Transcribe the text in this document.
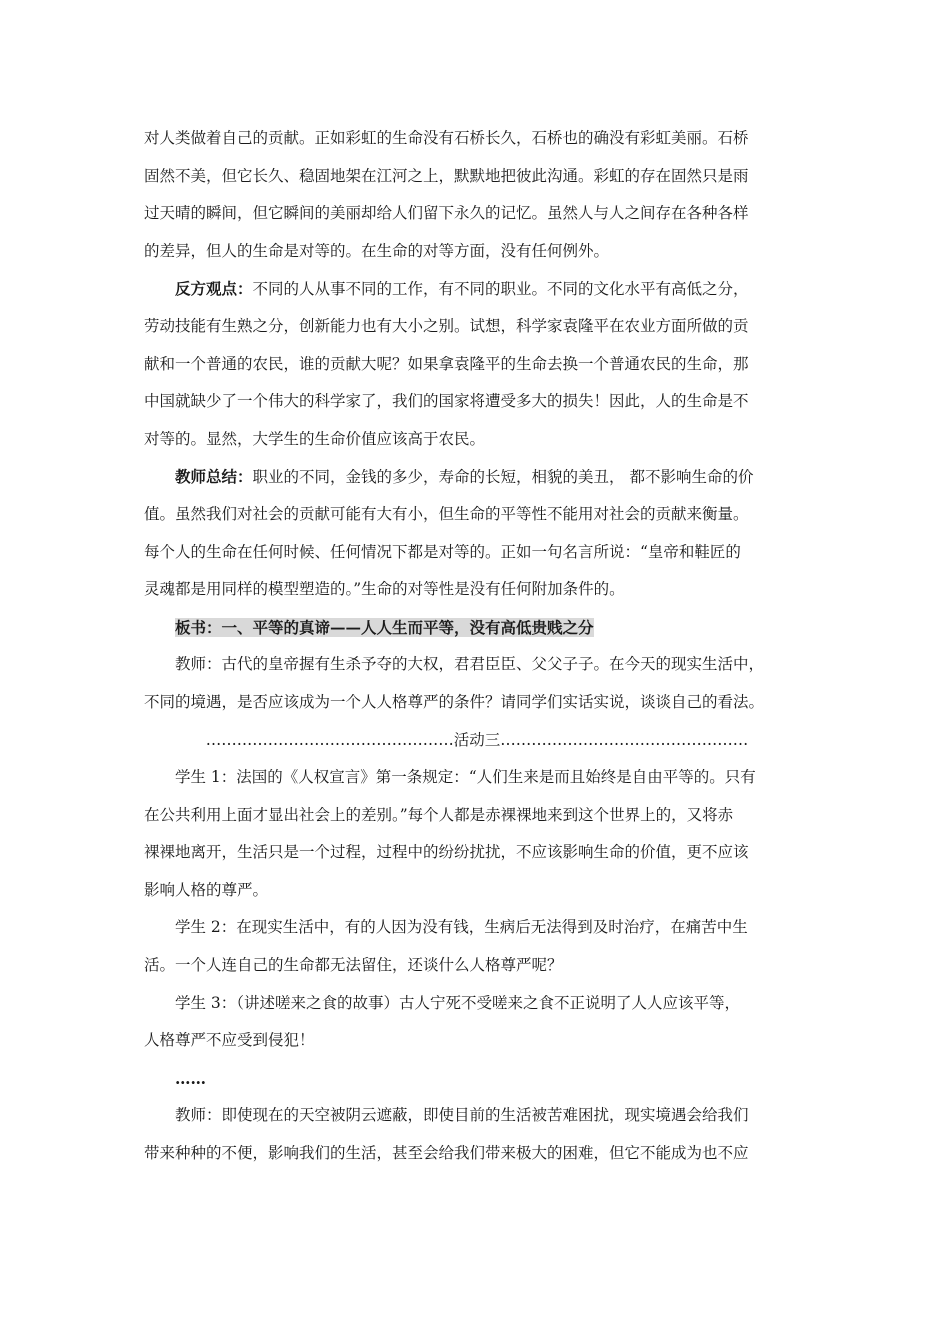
对人类做着自己的贡献。正如彩虹的生命没有石桥长久，石桥也的确没有彩虹美丽。石桥
固然不美，但它长久、稳固地架在江河之上，默默地把彼此沟通。彩虹的存在固然只是雨
过天晴的瞬间，但它瞬间的美丽却给人们留下永久的记忆。虽然人与人之间存在各种各样
的差异，但人的生命是对等的。在生命的对等方面，没有任何例外。
反方观点：不同的人从事不同的工作，有不同的职业。不同的文化水平有高低之分，
劳动技能有生熟之分，创新能力也有大小之别。试想，科学家袁隆平在农业方面所做的贡
献和一个普通的农民，谁的贡献大呢？如果拿袁隆平的生命去换一个普通农民的生命，那
中国就缺少了一个伟大的科学家了，我们的国家将遭受多大的损失！因此，人的生命是不
对等的。显然，大学生的生命价值应该高于农民。
教师总结：职业的不同，金钱的多少，寿命的长短，相貌的美丑， 都不影响生命的价
值。虽然我们对社会的贡献可能有大有小，但生命的平等性不能用对社会的贡献来衡量。
每个人的生命在任何时候、任何情况下都是对等的。正如一句名言所说：“皇帝和鞋匠的
灵魂都是用同样的模型塑造的。”生命的对等性是没有任何附加条件的。
板书：一、平等的真谛——人人生而平等，没有高低贵贱之分
教师：古代的皇帝握有生杀予夺的大权，君君臣臣、父父子子。在今天的现实生活中，
不同的境遇，是否应该成为一个人人格尊严的条件？请同学们实话实说，谈谈自己的看法。
…………………………………………活动三…………………………………………
学生 1：法国的《人权宣言》第一条规定：“人们生来是而且始终是自由平等的。只有
在公共利用上面才显出社会上的差别。”每个人都是赤裸裸地来到这个世界上的，又将赤
裸裸地离开，生活只是一个过程，过程中的纷纷扰扰，不应该影响生命的价值，更不应该
影响人格的尊严。
学生 2：在现实生活中，有的人因为没有钱，生病后无法得到及时治疗，在痛苦中生
活。一个人连自己的生命都无法留住，还谈什么人格尊严呢？
学生 3：（讲述嗟来之食的故事）古人宁死不受嗟来之食不正说明了人人应该平等，
人格尊严不应受到侵犯！
……
教师：即使现在的天空被阴云遮蔽，即使目前的生活被苦难困扰，现实境遇会给我们
带来种种的不便，影响我们的生活，甚至会给我们带来极大的困难，但它不能成为也不应
